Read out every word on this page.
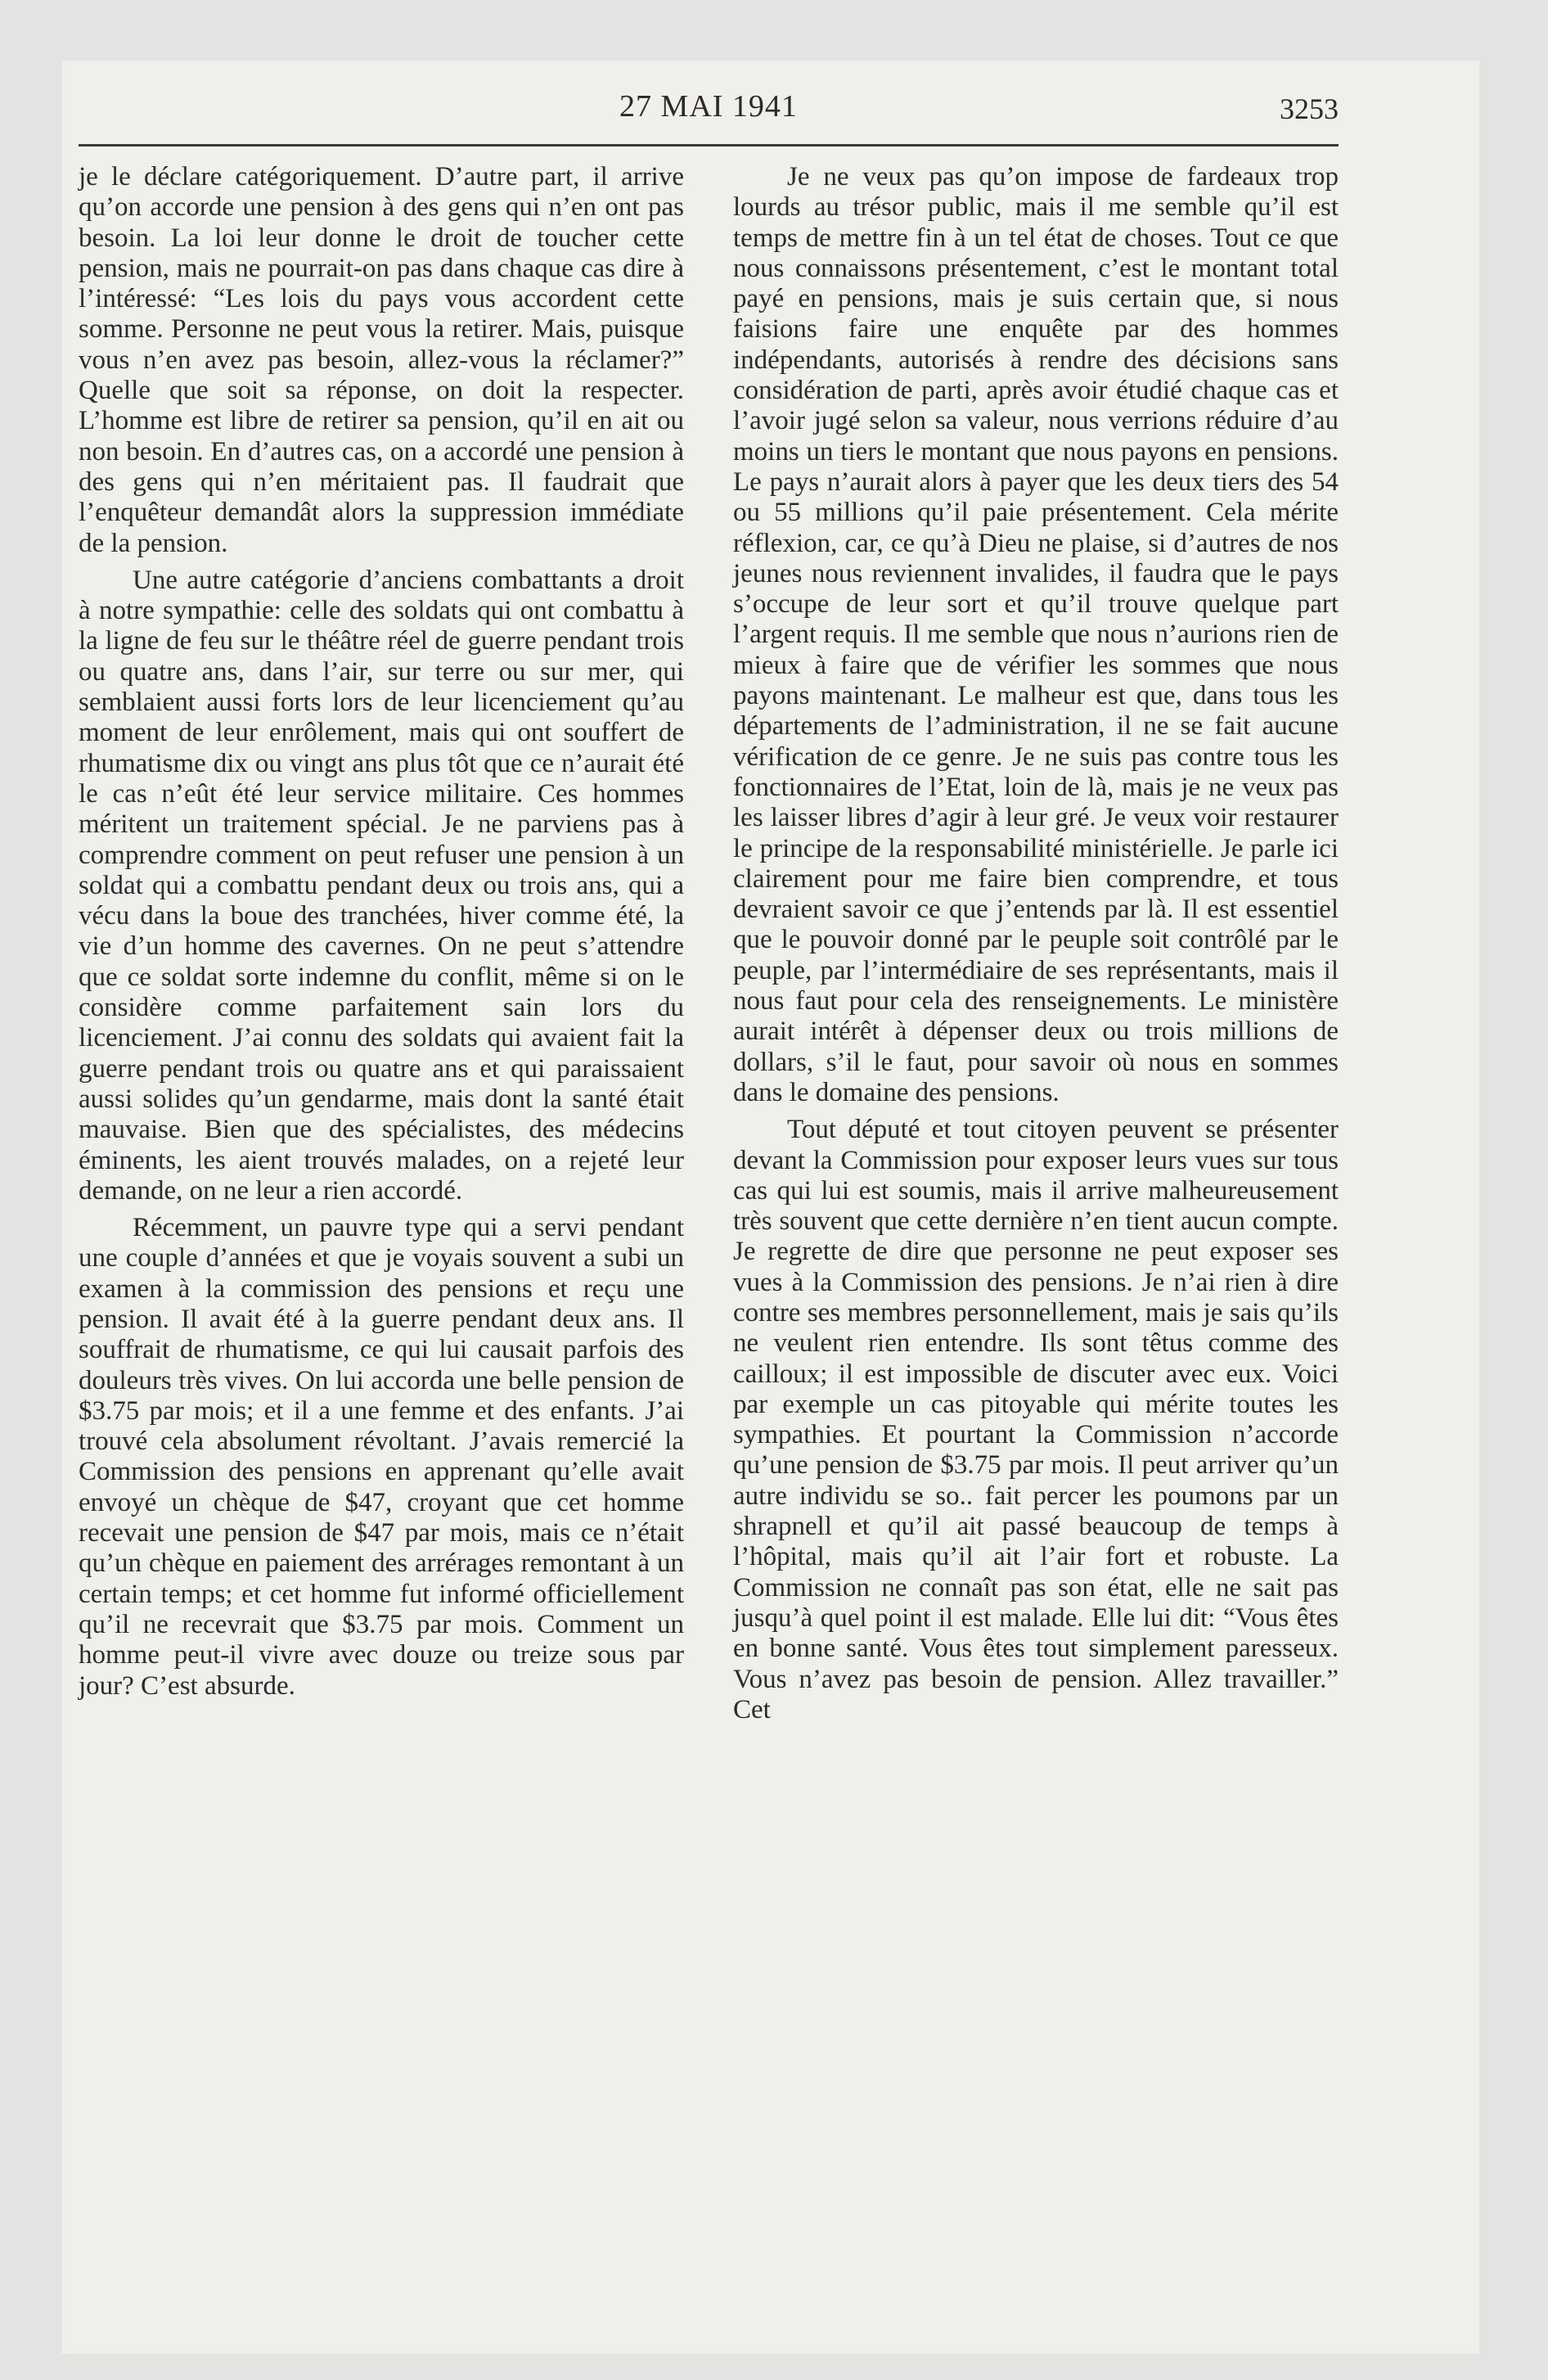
27 MAI 1941	3253

je le déclare catégoriquement. D’autre part, il arrive qu’on accorde une pension à des gens qui n’en ont pas besoin. La loi leur donne le droit de toucher cette pension, mais ne pourrait-on pas dans chaque cas dire à l’intéressé: “Les lois du pays vous accordent cette somme. Personne ne peut vous la retirer. Mais, puisque vous n’en avez pas besoin, allez-vous la réclamer?” Quelle que soit sa réponse, on doit la respecter. L’homme est libre de retirer sa pension, qu’il en ait ou non besoin. En d’autres cas, on a accordé une pension à des gens qui n’en méritaient pas. Il faudrait que l’enquêteur demandât alors la suppression immédiate de la pension.

Une autre catégorie d’anciens combattants a droit à notre sympathie: celle des soldats qui ont combattu à la ligne de feu sur le théâtre réel de guerre pendant trois ou quatre ans, dans l’air, sur terre ou sur mer, qui semblaient aussi forts lors de leur licenciement qu’au moment de leur enrôlement, mais qui ont souffert de rhumatisme dix ou vingt ans plus tôt que ce n’aurait été le cas n’eût été leur service militaire. Ces hommes méritent un traitement spécial. Je ne parviens pas à comprendre comment on peut refuser une pension à un soldat qui a combattu pendant deux ou trois ans, qui a vécu dans la boue des tranchées, hiver comme été, la vie d’un homme des cavernes. On ne peut s’attendre que ce soldat sorte indemne du conflit, même si on le considère comme parfaitement sain lors du licenciement. J’ai connu des soldats qui avaient fait la guerre pendant trois ou quatre ans et qui paraissaient aussi solides qu’un gendarme, mais dont la santé était mauvaise. Bien que des spécialistes, des médecins éminents, les aient trouvés malades, on a rejeté leur demande, on ne leur a rien accordé.

Récemment, un pauvre type qui a servi pendant une couple d’années et que je voyais souvent a subi un examen à la commission des pensions et reçu une pension. Il avait été à la guerre pendant deux ans. Il souffrait de rhumatisme, ce qui lui causait parfois des douleurs très vives. On lui accorda une belle pension de $3.75 par mois; et il a une femme et des enfants. J’ai trouvé cela absolument révoltant. J’avais remercié la Commission des pensions en apprenant qu’elle avait envoyé un chèque de $47, croyant que cet homme recevait une pension de $47 par mois, mais ce n’était qu’un chèque en paiement des arrérages remontant à un certain temps; et cet homme fut informé officiellement qu’il ne recevrait que $3.75 par mois. Comment un homme peut-il vivre avec douze ou treize sous par jour? C’est absurde.

Je ne veux pas qu’on impose de fardeaux trop lourds au trésor public, mais il me semble qu’il est temps de mettre fin à un tel état de choses. Tout ce que nous connaissons présentement, c’est le montant total payé en pensions, mais je suis certain que, si nous faisions faire une enquête par des hommes indépendants, autorisés à rendre des décisions sans considération de parti, après avoir étudié chaque cas et l’avoir jugé selon sa valeur, nous verrions réduire d’au moins un tiers le montant que nous payons en pensions. Le pays n’aurait alors à payer que les deux tiers des 54 ou 55 millions qu’il paie présentement. Cela mérite réflexion, car, ce qu’à Dieu ne plaise, si d’autres de nos jeunes nous reviennent invalides, il faudra que le pays s’occupe de leur sort et qu’il trouve quelque part l’argent requis. Il me semble que nous n’aurions rien de mieux à faire que de vérifier les sommes que nous payons maintenant. Le malheur est que, dans tous les départements de l’administration, il ne se fait aucune vérification de ce genre. Je ne suis pas contre tous les fonctionnaires de l’Etat, loin de là, mais je ne veux pas les laisser libres d’agir à leur gré. Je veux voir restaurer le principe de la responsabilité ministérielle. Je parle ici clairement pour me faire bien comprendre, et tous devraient savoir ce que j’entends par là. Il est essentiel que le pouvoir donné par le peuple soit contrôlé par le peuple, par l’intermédiaire de ses représentants, mais il nous faut pour cela des renseignements. Le ministère aurait intérêt à dépenser deux ou trois millions de dollars, s’il le faut, pour savoir où nous en sommes dans le domaine des pensions.

Tout député et tout citoyen peuvent se présenter devant la Commission pour exposer leurs vues sur tous cas qui lui est soumis, mais il arrive malheureusement très souvent que cette dernière n’en tient aucun compte. Je regrette de dire que personne ne peut exposer ses vues à la Commission des pensions. Je n’ai rien à dire contre ses membres personnellement, mais je sais qu’ils ne veulent rien entendre. Ils sont têtus comme des cailloux; il est impossible de discuter avec eux. Voici par exemple un cas pitoyable qui mérite toutes les sympathies. Et pourtant la Commission n’accorde qu’une pension de $3.75 par mois. Il peut arriver qu’un autre individu se so.. fait percer les poumons par un shrapnell et qu’il ait passé beaucoup de temps à l’hôpital, mais qu’il ait l’air fort et robuste. La Commission ne connaît pas son état, elle ne sait pas jusqu’à quel point il est malade. Elle lui dit: “Vous êtes en bonne santé. Vous êtes tout simplement paresseux. Vous n’avez pas besoin de pension. Allez travailler.” Cet
